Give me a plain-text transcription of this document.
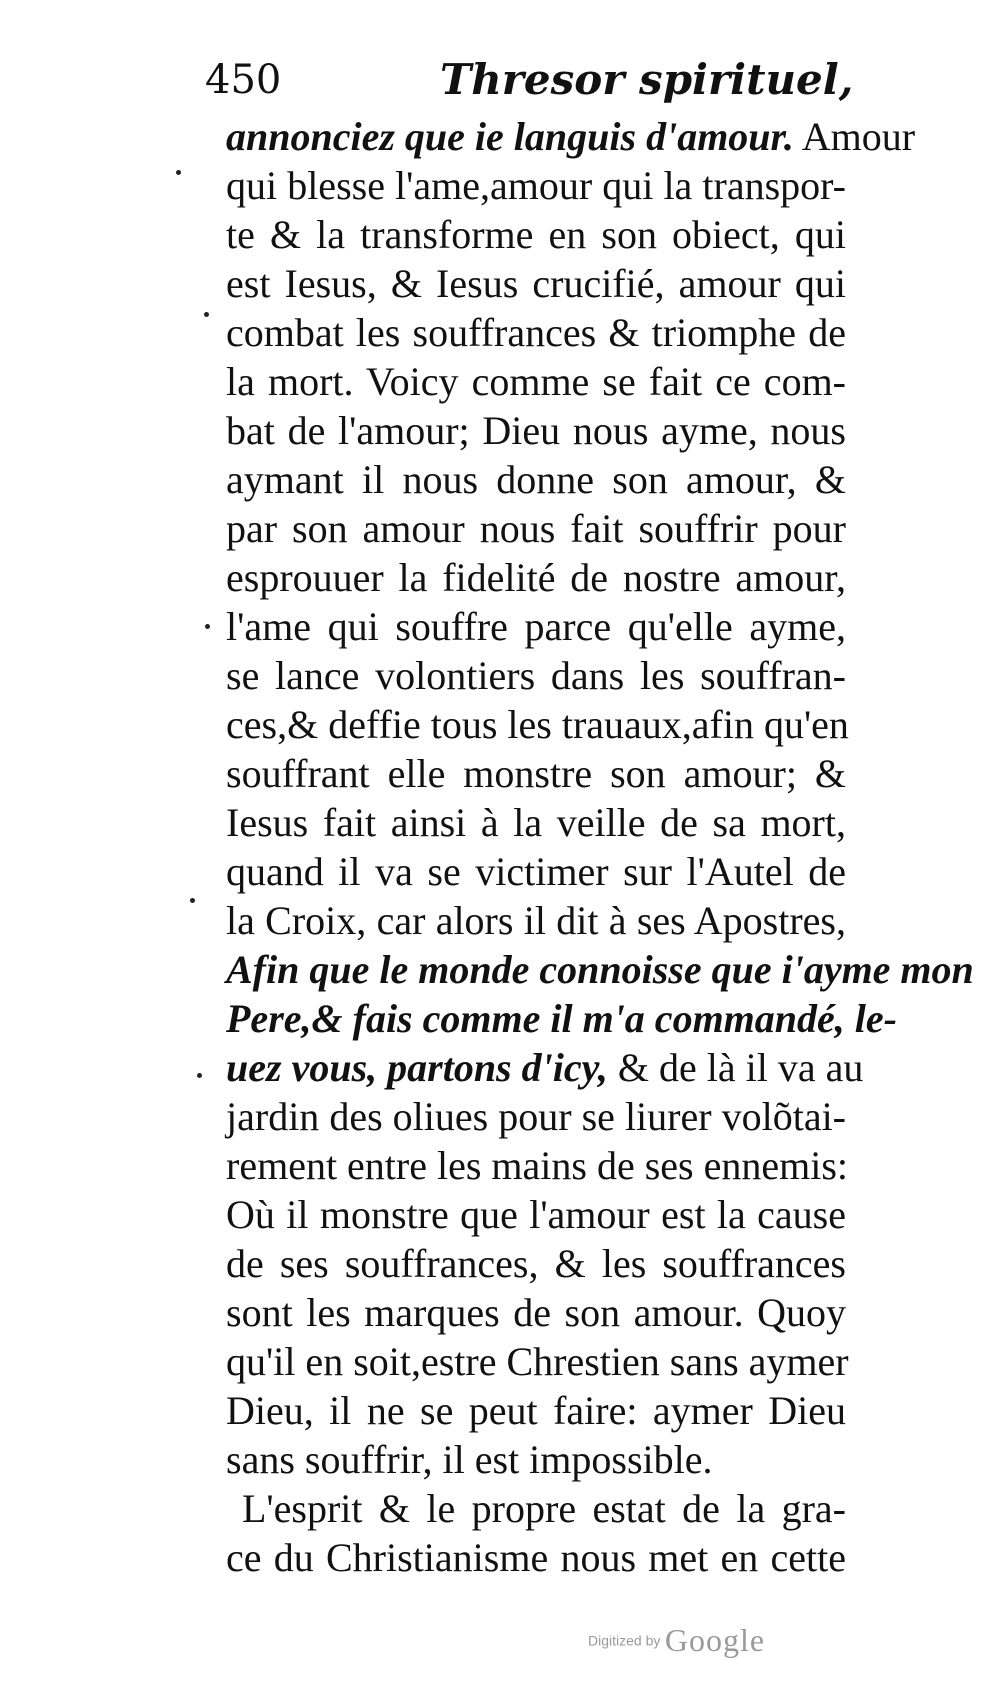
450	Thresor spirituel,
annonciez que ie languis d'amour. Amour
qui blesse l'ame,amour qui la transpor-
te & la transforme en son obiect, qui
est Iesus, & Iesus crucifié, amour qui
combat les souffrances & triomphe de
la mort. Voicy comme se fait ce com-
bat de l'amour; Dieu nous ayme, nous
aymant il nous donne son amour, &
par son amour nous fait souffrir pour
esprouuer la fidelité de nostre amour,
l'ame qui souffre parce qu'elle ayme,
se lance volontiers dans les souffran-
ces,& deffie tous les trauaux,afin qu'en
souffrant elle monstre son amour; &
Iesus fait ainsi à la veille de sa mort,
quand il va se victimer sur l'Autel de
la Croix, car alors il dit à ses Apostres,
Afin que le monde connoisse que i'ayme mon
Pere,& fais comme il m'a commandé, le-
uez vous, partons d'icy, & de là il va au
jardin des oliues pour se liurer volõtai-
rement entre les mains de ses ennemis:
Où il monstre que l'amour est la cause
de ses souffrances, & les souffrances
sont les marques de son amour. Quoy
qu'il en soit,estre Chrestien sans aymer
Dieu, il ne se peut faire: aymer Dieu
sans souffrir, il est impossible.
L'esprit & le propre estat de la gra-
ce du Christianisme nous met en cette
Digitized by Google
